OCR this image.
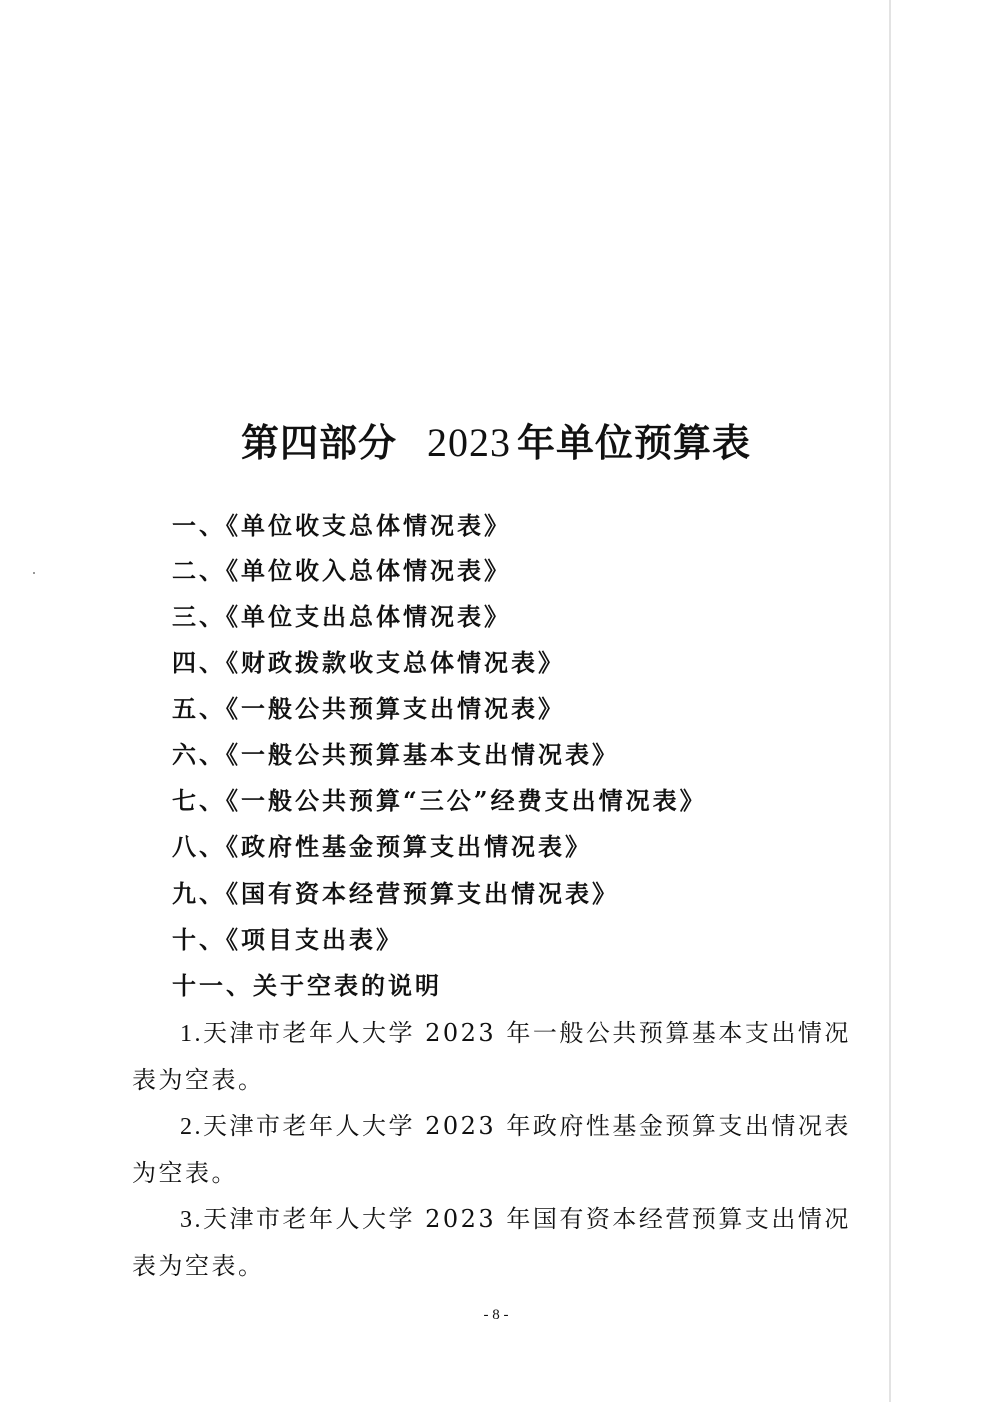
第四部分 2023 年单位预算表
一、《单位收支总体情况表》
二、《单位收入总体情况表》
三、《单位支出总体情况表》
四、《财政拨款收支总体情况表》
五、《一般公共预算支出情况表》
六、《一般公共预算基本支出情况表》
七、《一般公共预算“三公”经费支出情况表》
八、《政府性基金预算支出情况表》
九、《国有资本经营预算支出情况表》
十、《项目支出表》
十一、关于空表的说明

1.天津市老年人大学 2023 年一般公共预算基本支出情况表为空表。

2.天津市老年人大学 2023 年政府性基金预算支出情况表为空表。

3.天津市老年人大学 2023 年国有资本经营预算支出情况表为空表。

- 8 -
